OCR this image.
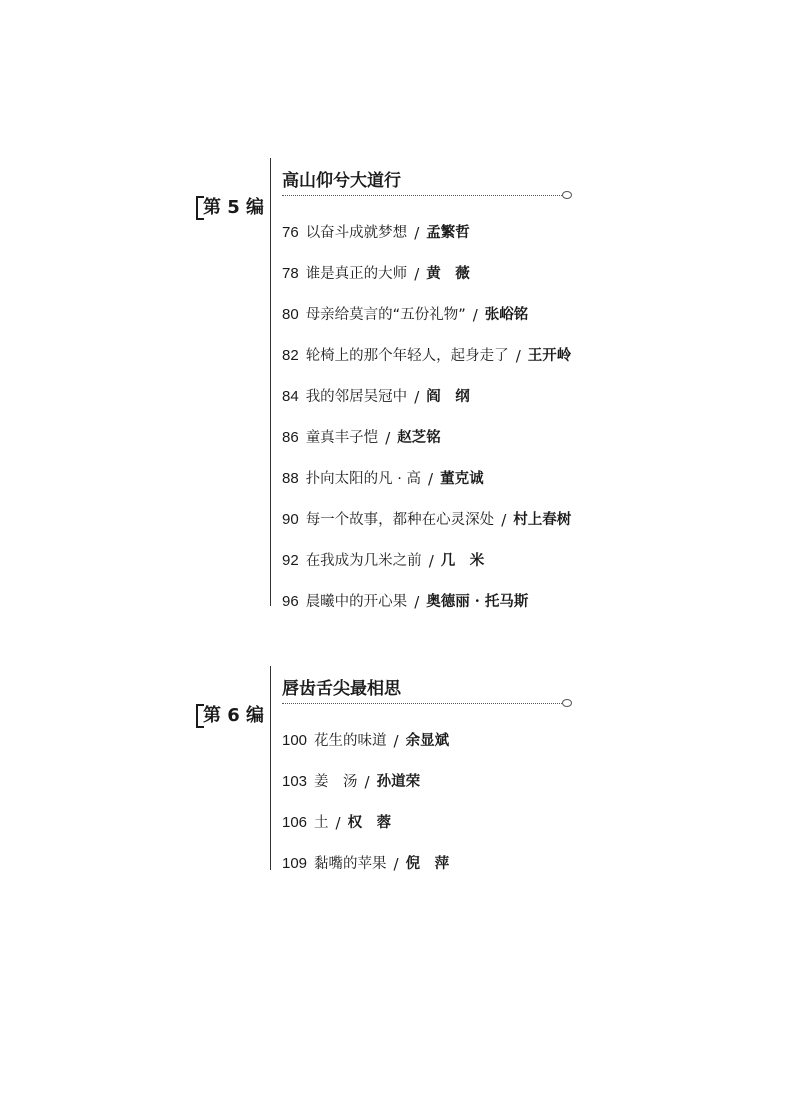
第 5 编
高山仰兮大道行
76 以奋斗成就梦想 / 孟繁哲
78 谁是真正的大师 / 黄　薇
80 母亲给莫言的“五份礼物” / 张峪铭
82 轮椅上的那个年轻人，起身走了 / 王开岭
84 我的邻居吴冠中 / 阎　纲
86 童真丰子恺 / 赵芝铭
88 扑向太阳的凡 · 高 / 董克诚
90 每一个故事，都种在心灵深处 / 村上春树
92 在我成为几米之前 / 几　米
96 晨曦中的开心果 / 奥德丽 · 托马斯
第 6 编
唇齿舌尖最相思
100 花生的味道 / 余显斌
103 姜　汤 / 孙道荣
106 土 / 权　蓉
109 黏嘴的苹果 / 倪　萍
